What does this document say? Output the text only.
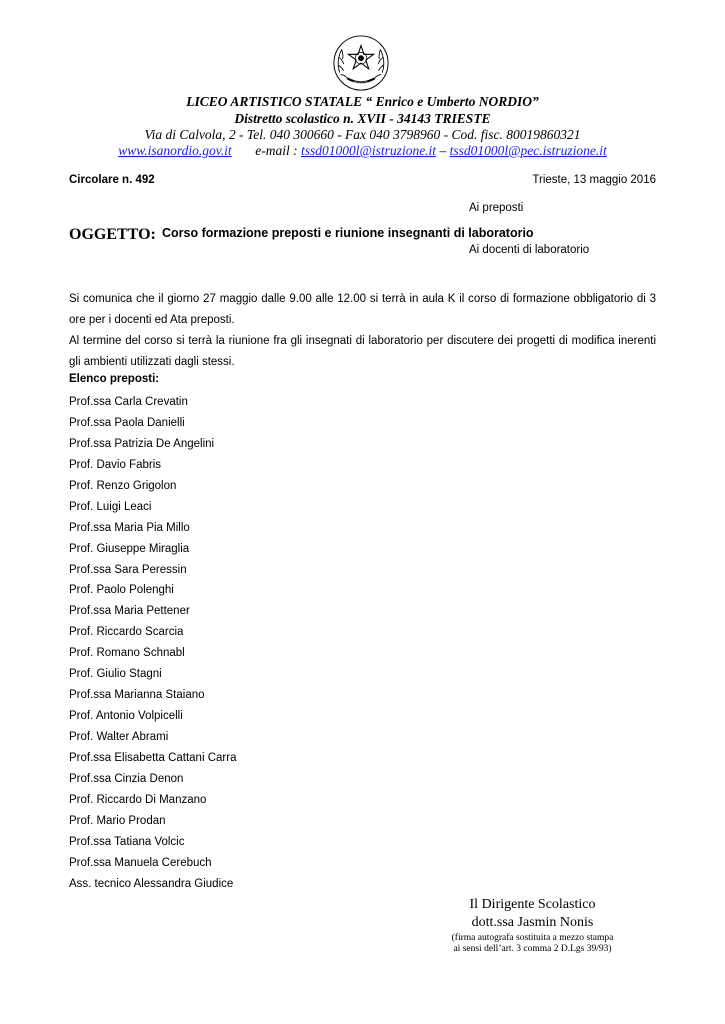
REPUBBLICA ITALIANA
LICEO ARTISTICO STATALE “ Enrico e Umberto NORDIO”
Distretto scolastico n. XVII - 34143 TRIESTE
Via di Calvola, 2 - Tel. 040 300660 - Fax 040 3798960 - Cod. fisc. 80019860321
www.isanordio.gov.it e-mail : tssd01000l@istruzione.it – tssd01000l@pec.istruzione.it
Circolare n. 492	Trieste, 13 maggio 2016
Ai preposti
OGGETTO: Corso formazione preposti e riunione insegnanti di laboratorio
Ai docenti di laboratorio

Si comunica che il giorno 27 maggio dalle 9.00 alle 12.00 si terrà in aula K il corso di formazione obbligatorio di 3 ore per i docenti ed Ata preposti.

Al termine del corso si terrà la riunione fra gli insegnati di laboratorio per discutere dei progetti di modifica inerenti gli ambienti utilizzati dagli stessi.

Elenco preposti:
Prof.ssa Carla Crevatin
Prof.ssa Paola Danielli
Prof.ssa Patrizia De Angelini
Prof. Davio Fabris
Prof. Renzo Grigolon
Prof. Luigi Leaci
Prof.ssa Maria Pia Millo
Prof. Giuseppe Miraglia
Prof.ssa Sara Peressin
Prof. Paolo Polenghi
Prof.ssa Maria Pettener
Prof. Riccardo Scarcia
Prof. Romano Schnabl
Prof. Giulio Stagni
Prof.ssa Marianna Staiano
Prof. Antonio Volpicelli
Prof. Walter Abrami
Prof.ssa Elisabetta Cattani Carra
Prof.ssa Cinzia Denon
Prof. Riccardo Di Manzano
Prof. Mario Prodan
Prof.ssa Tatiana Volcic
Prof.ssa Manuela Cerebuch
Ass. tecnico Alessandra Giudice
Il Dirigente Scolastico
dott.ssa Jasmin Nonis
(firma autografa sostituita a mezzo stampa
ai sensi dell’art. 3 comma 2 D.Lgs 39/93)
